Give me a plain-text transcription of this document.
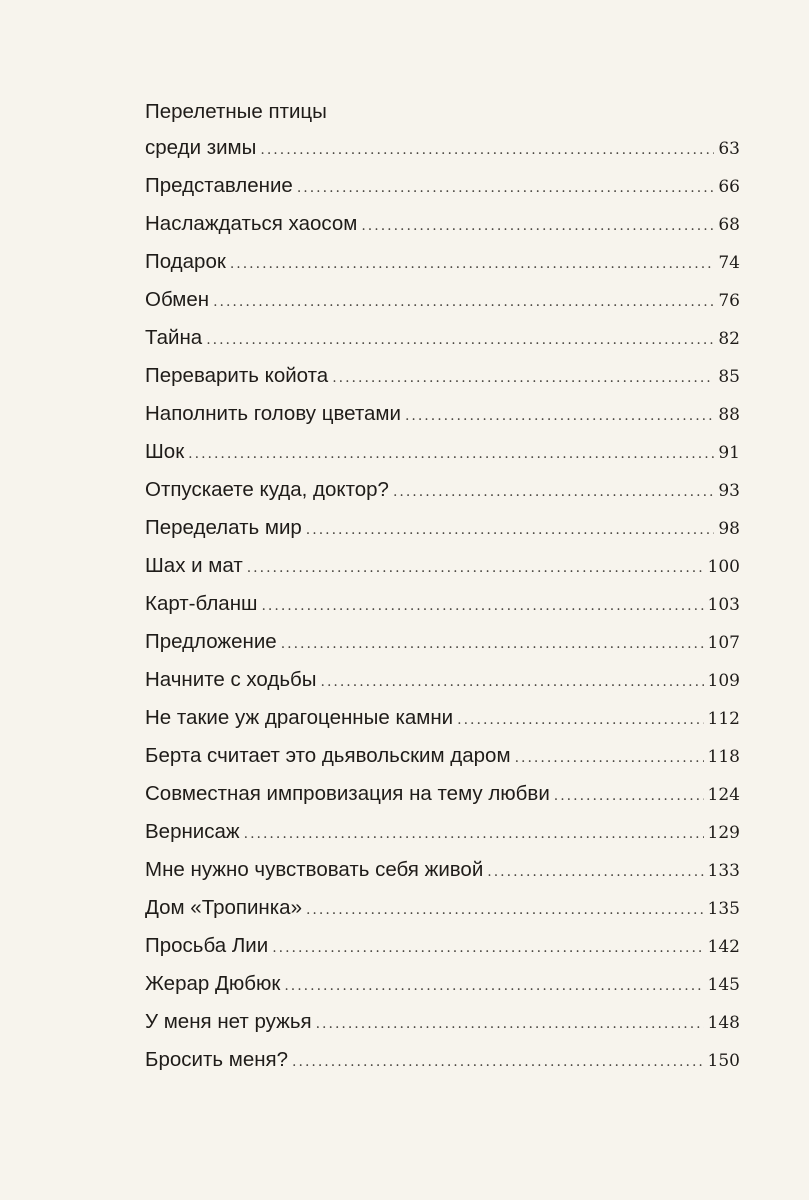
Перелетные птицы
среди зимы .....	63
Представление .....	66
Наслаждаться хаосом .....	68
Подарок .....	74
Обмен .....	76
Тайна .....	82
Переварить койота .....	85
Наполнить голову цветами .....	88
Шок .....	91
Отпускаете куда, доктор? .....	93
Переделать мир .....	98
Шах и мат .....	100
Карт-бланш .....	103
Предложение .....	107
Начните с ходьбы .....	109
Не такие уж драгоценные камни .....	112
Берта считает это дьявольским даром .....	118
Совместная импровизация на тему любви .....	124
Вернисаж .....	129
Мне нужно чувствовать себя живой .....	133
Дом «Тропинка» .....	135
Просьба Лии .....	142
Жерар Дюбюк .....	145
У меня нет ружья .....	148
Бросить меня? .....	150
